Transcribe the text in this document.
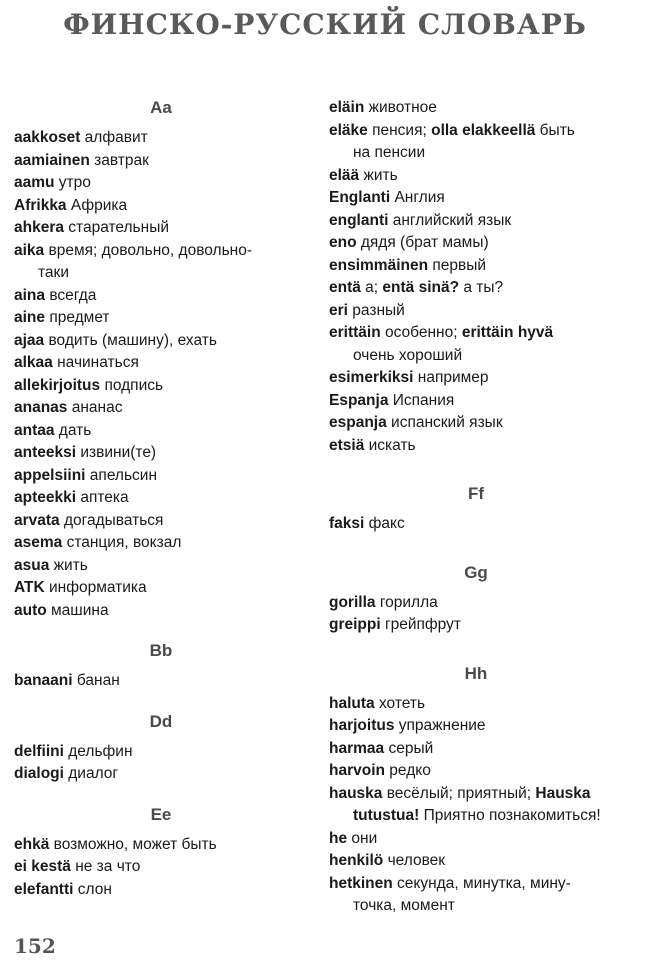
ФИНСКО-РУССКИЙ СЛОВАРЬ
Aa

aakkoset алфавит

aamiainen завтрак

aamu утро

Afrikka Африка

ahkera старательный

aika время; довольно, довольно-
таки

aina всегда

aine предмет

ajaa водить (машину), ехать

alkaa начинаться

allekirjoitus подпись

ananas ананас

antaa дать

anteeksi извини(те)

appelsiini апельсин

apteekki аптека

arvata догадываться

asema станция, вокзал

asua жить

ATK информатика

auto машина

Bb

banaani банан

Dd

delfiini дельфин

dialogi диалог

Ee

ehkä возможно, может быть

ei kestä не за что

elefantti слон

eläin животное

eläke пенсия; olla elakkeellä быть
на пенсии

elää жить

Englanti Англия

englanti английский язык

eno дядя (брат мамы)

ensimmäinen первый

entä а; entä sinä? а ты?

eri разный

erittäin особенно; erittäin hyvä
очень хороший

esimerkiksi например

Espanja Испания

espanja испанский язык

etsiä искать

Ff

faksi факс

Gg

gorilla горилла

greippi грейпфрут

Hh

haluta хотеть

harjoitus упражнение

harmaa серый

harvoin редко

hauska весёлый; приятный; Hauska
tutustua! Приятно познакомиться!

he они

henkilö человек

hetkinen секунда, минутка, мину-
точка, момент

152
